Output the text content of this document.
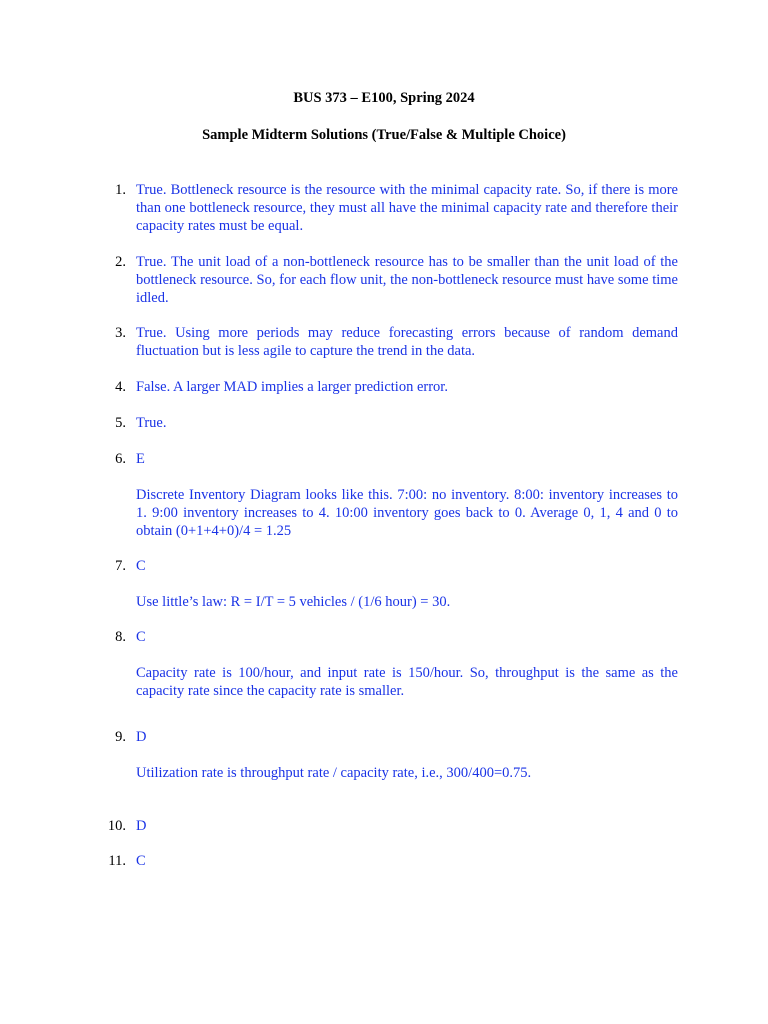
BUS 373 – E100, Spring 2024

Sample Midterm Solutions (True/False & Multiple Choice)

1. True. Bottleneck resource is the resource with the minimal capacity rate. So, if there is more than one bottleneck resource, they must all have the minimal capacity rate and therefore their capacity rates must be equal.
2. True. The unit load of a non-bottleneck resource has to be smaller than the unit load of the bottleneck resource. So, for each flow unit, the non-bottleneck resource must have some time idled.
3. True. Using more periods may reduce forecasting errors because of random demand fluctuation but is less agile to capture the trend in the data.
4. False. A larger MAD implies a larger prediction error.
5. True.
6. E
Discrete Inventory Diagram looks like this. 7:00: no inventory. 8:00: inventory increases to 1. 9:00 inventory increases to 4. 10:00 inventory goes back to 0. Average 0, 1, 4 and 0 to obtain (0+1+4+0)/4 = 1.25
7. C
Use little’s law: R = I/T = 5 vehicles / (1/6 hour) = 30.
8. C
Capacity rate is 100/hour, and input rate is 150/hour. So, throughput is the same as the capacity rate since the capacity rate is smaller.
9. D
Utilization rate is throughput rate / capacity rate, i.e., 300/400=0.75.
10. D
11. C
